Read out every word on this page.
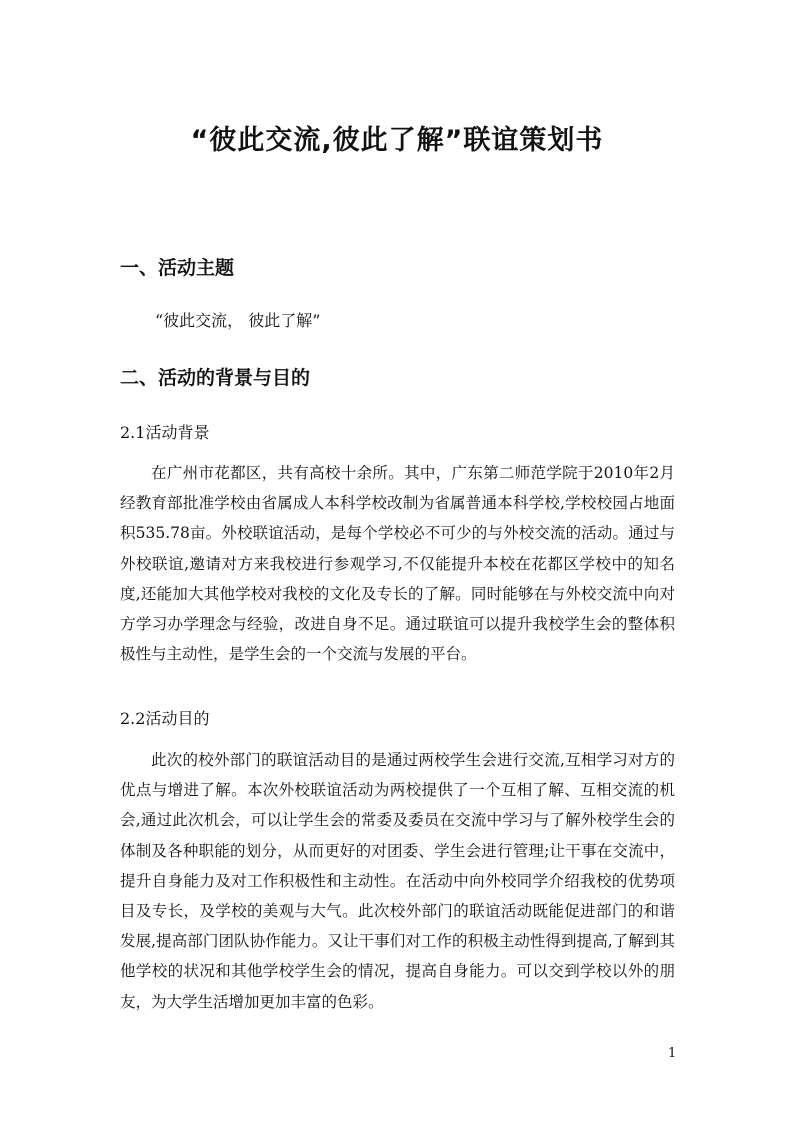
“彼此交流,彼此了解”联谊策划书
一、活动主题
“彼此交流， 彼此了解”
二、活动的背景与目的
2.1活动背景

在广州市花都区，共有高校十余所。其中，广东第二师范学院于2010年2月经教育部批准学校由省属成人本科学校改制为省属普通本科学校,学校校园占地面积535.78亩。外校联谊活动，是每个学校必不可少的与外校交流的活动。通过与外校联谊,邀请对方来我校进行参观学习,不仅能提升本校在花都区学校中的知名度,还能加大其他学校对我校的文化及专长的了解。同时能够在与外校交流中向对方学习办学理念与经验，改进自身不足。通过联谊可以提升我校学生会的整体积极性与主动性，是学生会的一个交流与发展的平台。

2.2活动目的

此次的校外部门的联谊活动目的是通过两校学生会进行交流,互相学习对方的优点与增进了解。本次外校联谊活动为两校提供了一个互相了解、互相交流的机会,通过此次机会，可以让学生会的常委及委员在交流中学习与了解外校学生会的体制及各种职能的划分，从而更好的对团委、学生会进行管理;让干事在交流中，提升自身能力及对工作积极性和主动性。在活动中向外校同学介绍我校的优势项目及专长，及学校的美观与大气。此次校外部门的联谊活动既能促进部门的和谐发展,提高部门团队协作能力。又让干事们对工作的积极主动性得到提高,了解到其他学校的状况和其他学校学生会的情况，提高自身能力。可以交到学校以外的朋友，为大学生活增加更加丰富的色彩。

1
